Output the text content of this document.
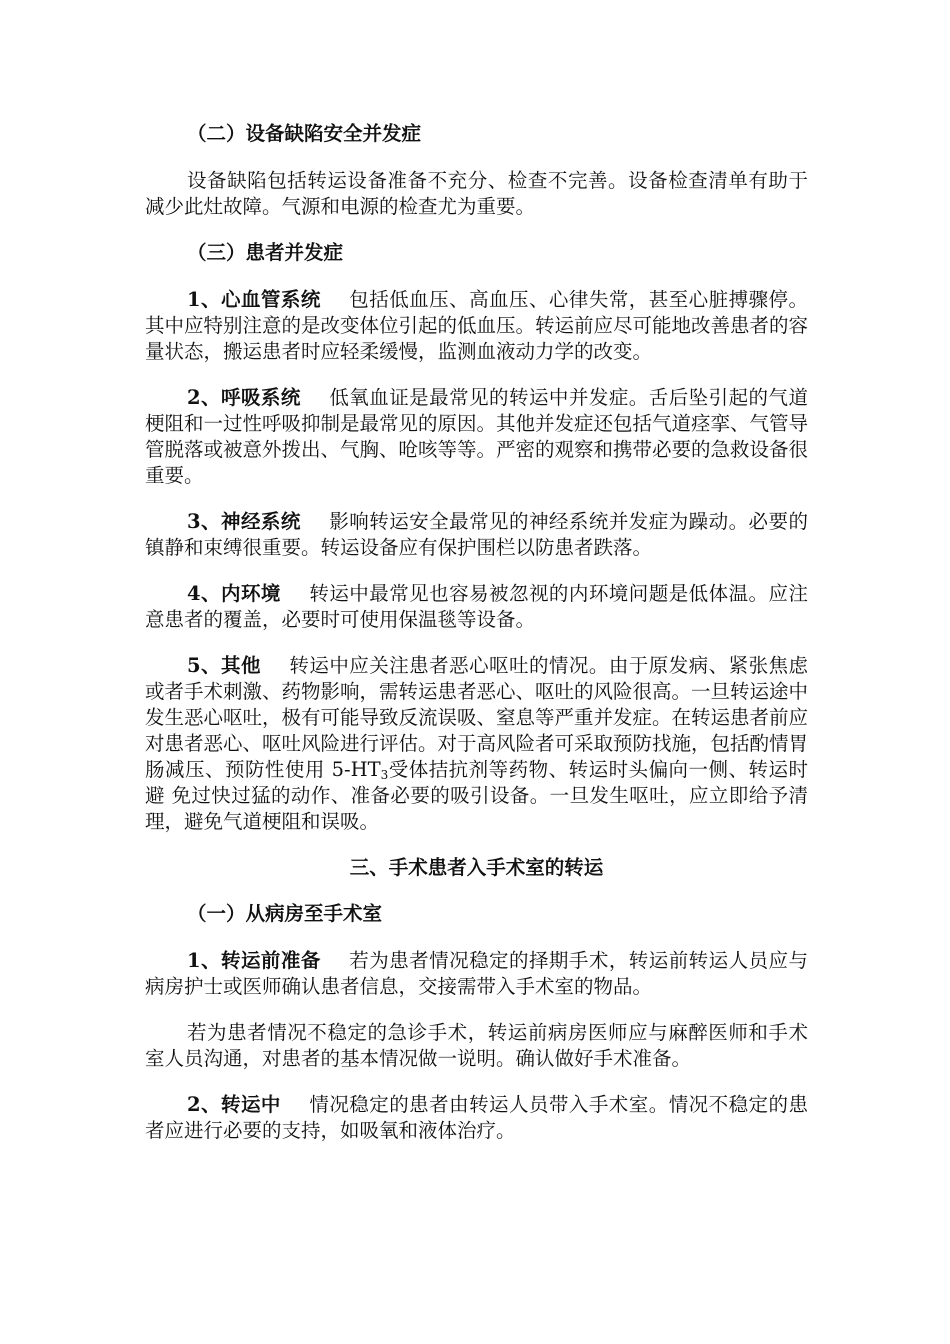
（二）设备缺陷安全并发症
设备缺陷包括转运设备准备不充分、检查不完善。设备检查清单有助于减少此灶故障。气源和电源的检查尤为重要。
（三）患者并发症
1、心血管系统 包括低血压、高血压、心律失常，甚至心脏搏骤停。其中应特别注意的是改变体位引起的低血压。转运前应尽可能地改善患者的容量状态，搬运患者时应轻柔缓慢，监测血液动力学的改变。
2、呼吸系统 低氧血证是最常见的转运中并发症。舌后坠引起的气道梗阻和一过性呼吸抑制是最常见的原因。其他并发症还包括气道痉挛、气管导管脱落或被意外拨出、气胸、呛咳等等。严密的观察和携带必要的急救设备很重要。
3、神经系统 影响转运安全最常见的神经系统并发症为躁动。必要的镇静和束缚很重要。转运设备应有保护围栏以防患者跌落。
4、内环境 转运中最常见也容易被忽视的内环境问题是低体温。应注意患者的覆盖，必要时可使用保温毯等设备。
5、其他 转运中应关注患者恶心呕吐的情况。由于原发病、紧张焦虑或者手术刺激、药物影响，需转运患者恶心、呕吐的风险很高。一旦转运途中发生恶心呕吐，极有可能导致反流误吸、窒息等严重并发症。在转运患者前应对患者恶心、呕吐风险进行评估。对于高风险者可采取预防找施，包括酌情胃肠减压、预防性使用 $5-HT_3$受体拮抗剂等药物、转运时头偏向一侧、转运时避 免过快过猛的动作、准备必要的吸引设备。一旦发生呕吐，应立即给予清理，避免气道梗阻和误吸。
三、手术患者入手术室的转运
（一）从病房至手术室
1、转运前准备 若为患者情况稳定的择期手术，转运前转运人员应与病房护士或医师确认患者信息，交接需带入手术室的物品。
若为患者情况不稳定的急诊手术，转运前病房医师应与麻醉医师和手术室人员沟通，对患者的基本情况做一说明。确认做好手术准备。
2、转运中 情况稳定的患者由转运人员带入手术室。情况不稳定的患者应进行必要的支持，如吸氧和液体治疗。
